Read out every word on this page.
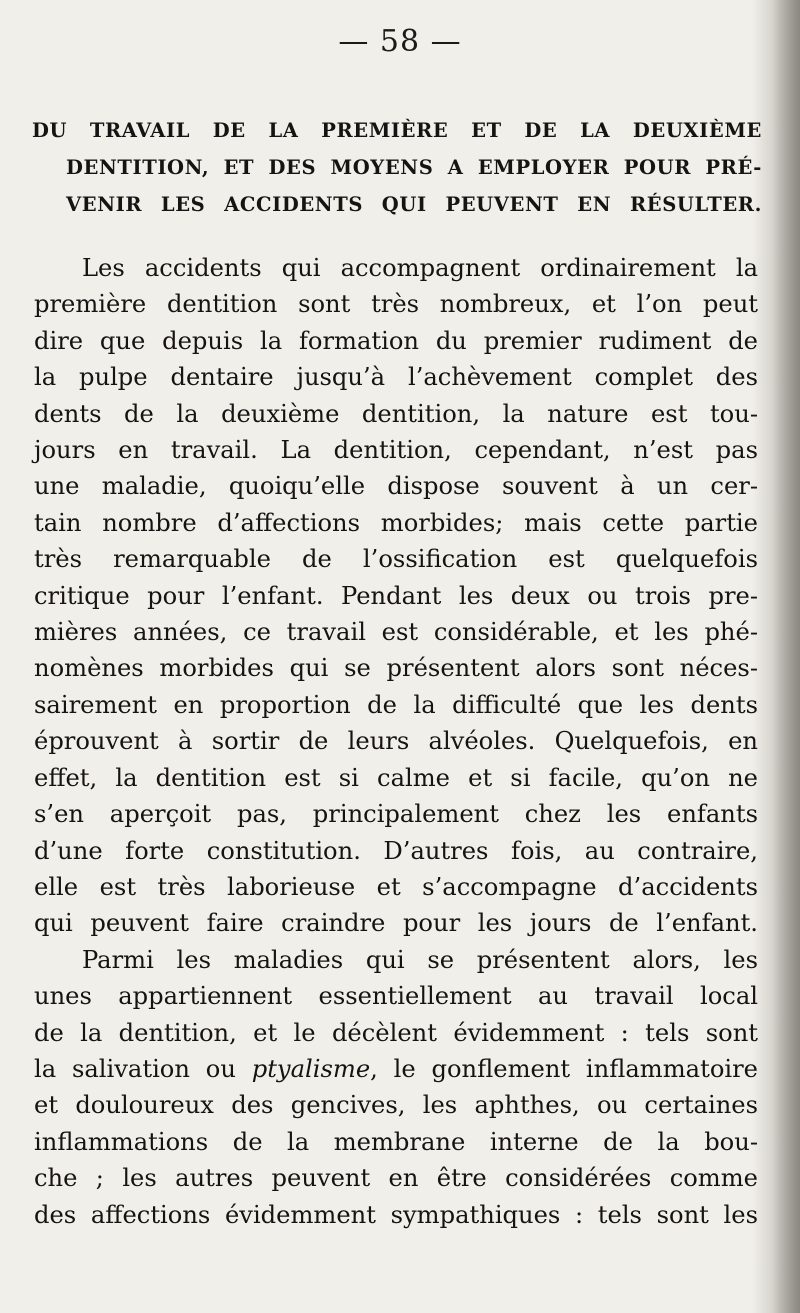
— 58 —
DU TRAVAIL DE LA PREMIÈRE ET DE LA DEUXIÈME
DENTITION, ET DES MOYENS A EMPLOYER POUR PRÉ-
VENIR LES ACCIDENTS QUI PEUVENT EN RÉSULTER.
Les accidents qui accompagnent ordinairement la
première dentition sont très nombreux, et l’on peut
dire que depuis la formation du premier rudiment de
la pulpe dentaire jusqu’à l’achèvement complet des
dents de la deuxième dentition, la nature est tou-
jours en travail. La dentition, cependant, n’est pas
une maladie, quoiqu’elle dispose souvent à un cer-
tain nombre d’affections morbides; mais cette partie
très remarquable de l’ossification est quelquefois
critique pour l’enfant. Pendant les deux ou trois pre-
mières années, ce travail est considérable, et les phé-
nomènes morbides qui se présentent alors sont néces-
sairement en proportion de la difficulté que les dents
éprouvent à sortir de leurs alvéoles. Quelquefois, en
effet, la dentition est si calme et si facile, qu’on ne
s’en aperçoit pas, principalement chez les enfants
d’une forte constitution. D’autres fois, au contraire,
elle est très laborieuse et s’accompagne d’accidents
qui peuvent faire craindre pour les jours de l’enfant.
Parmi les maladies qui se présentent alors, les
unes appartiennent essentiellement au travail local
de la dentition, et le décèlent évidemment : tels sont
la salivation ou ptyalisme, le gonflement inflammatoire
et douloureux des gencives, les aphthes, ou certaines
inflammations de la membrane interne de la bou-
che ; les autres peuvent en être considérées comme
des affections évidemment sympathiques : tels sont les
